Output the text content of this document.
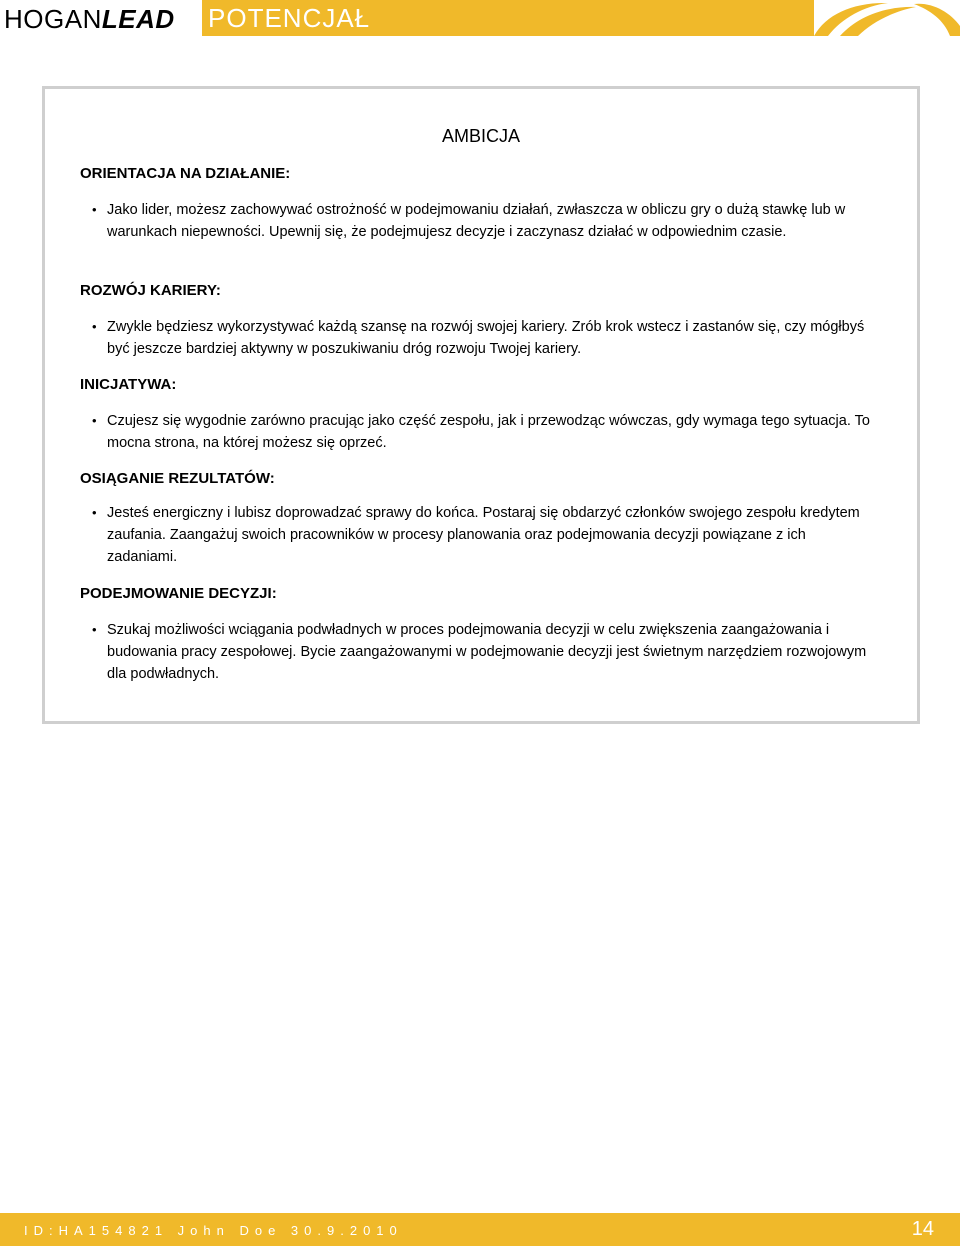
HOGANLEAD POTENCJAŁ
AMBICJA
ORIENTACJA NA DZIAŁANIE:
• Jako lider, możesz zachowywać ostrożność w podejmowaniu działań, zwłaszcza w obliczu gry o dużą stawkę lub w warunkach niepewności. Upewnij się, że podejmujesz decyzje i zaczynasz działać w odpowiednim czasie.

ROZWÓJ KARIERY:
• Zwykle będziesz wykorzystywać każdą szansę na rozwój swojej kariery. Zrób krok wstecz i zastanów się, czy mógłbyś być jeszcze bardziej aktywny w poszukiwaniu dróg rozwoju Twojej kariery.

INICJATYWA:
• Czujesz się wygodnie zarówno pracując jako część zespołu, jak i przewodząc wówczas, gdy wymaga tego sytuacja. To mocna strona, na której możesz się oprzeć.

OSIĄGANIE REZULTATÓW:
• Jesteś energiczny i lubisz doprowadzać sprawy do końca. Postaraj się obdarzyć członków swojego zespołu kredytem zaufania. Zaangażuj swoich pracowników w procesy planowania oraz podejmowania decyzji powiązane z ich zadaniami.

PODEJMOWANIE DECYZJI:
• Szukaj możliwości wciągania podwładnych w proces podejmowania decyzji w celu zwiększenia zaangażowania i budowania pracy zespołowej. Bycie zaangażowanymi w podejmowanie decyzji jest świetnym narzędziem rozwojowym dla podwładnych.

ID:HA154821 John Doe 30.9.2010	14
